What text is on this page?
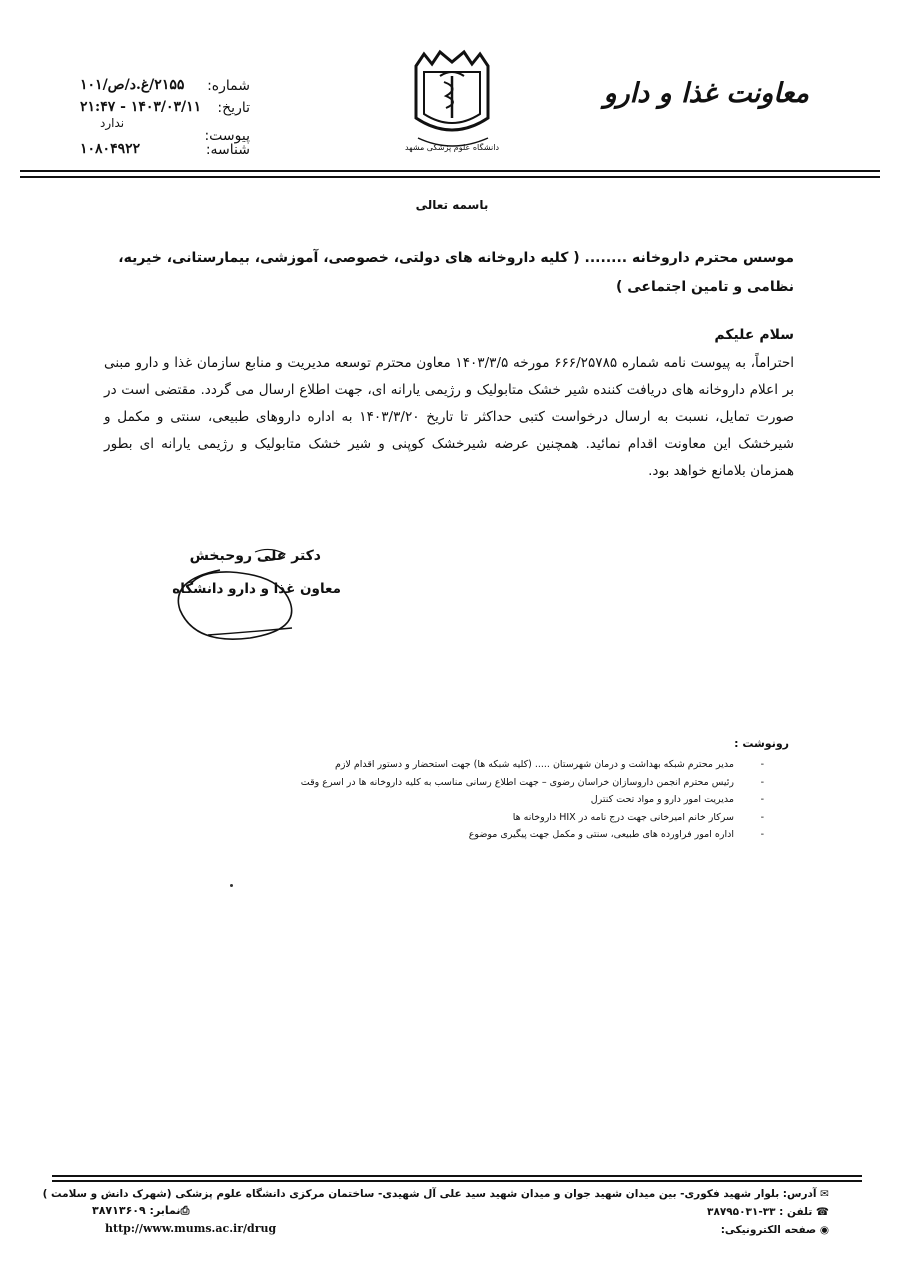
معاونت غذا و دارو
دانشگاه علوم پزشکی مشهد
شماره:
۲۱۵۵/غ.د/ص/۱۰۱
تاریخ:
۱۴۰۳/۰۳/۱۱ - ۲۱:۴۷
پیوست:
ندارد
شناسه:
۱۰۸۰۴۹۲۲
باسمه تعالی
موسس محترم داروخانه ........ ( کلیه داروخانه های دولتی، خصوصی، آموزشی، بیمارستانی، خیریه، نظامی و تامین اجتماعی )
سلام علیکم
احتراماً، به پیوست نامه شماره ۶۶۶/۲۵۷۸۵ مورخه ۱۴۰۳/۳/۵ معاون محترم توسعه مدیریت و منابع سازمان غذا و دارو مبنی بر اعلام داروخانه های دریافت کننده شیر خشک متابولیک و رژیمی یارانه ای، جهت اطلاع ارسال می گردد. مقتضی است در صورت تمایل، نسبت به ارسال درخواست کتبی حداکثر تا تاریخ ۱۴۰۳/۳/۲۰ به اداره داروهای طبیعی، سنتی و مکمل و شیرخشک این معاونت اقدام نمائید. همچنین عرضه شیرخشک کوپنی و شیر خشک متابولیک و رژیمی یارانه ای بطور همزمان بلامانع خواهد بود.
دکتر علی روحبخش
معاون غذا و دارو دانشگاه
رونوشت :
-
مدیر محترم شبکه بهداشت و درمان شهرستان ..... (کلیه شبکه ها) جهت استحضار و دستور اقدام لازم
-
رئیس محترم انجمن داروسازان خراسان رضوی – جهت اطلاع رسانی مناسب به کلیه داروخانه ها در اسرع وقت
-
مدیریت امور دارو و مواد تحت کنترل
-
سرکار خانم امیرخانی جهت درج نامه در HIX داروخانه ها
-
اداره امور فراورده های طبیعی، سنتی و مکمل جهت پیگیری موضوع
✉ آدرس: بلوار شهید فکوری- بین میدان شهید جوان و میدان شهید سید علی آل شهیدی- ساختمان مرکزی دانشگاه علوم پزشکی (شهرک دانش و سلامت )
☎ تلفن : ۳۳-۳۸۷۹۵۰۳۱
◉ صفحه الکترونیکی:
⎙نمابر: ۳۸۷۱۳۶۰۹
http://www.mums.ac.ir/drug
